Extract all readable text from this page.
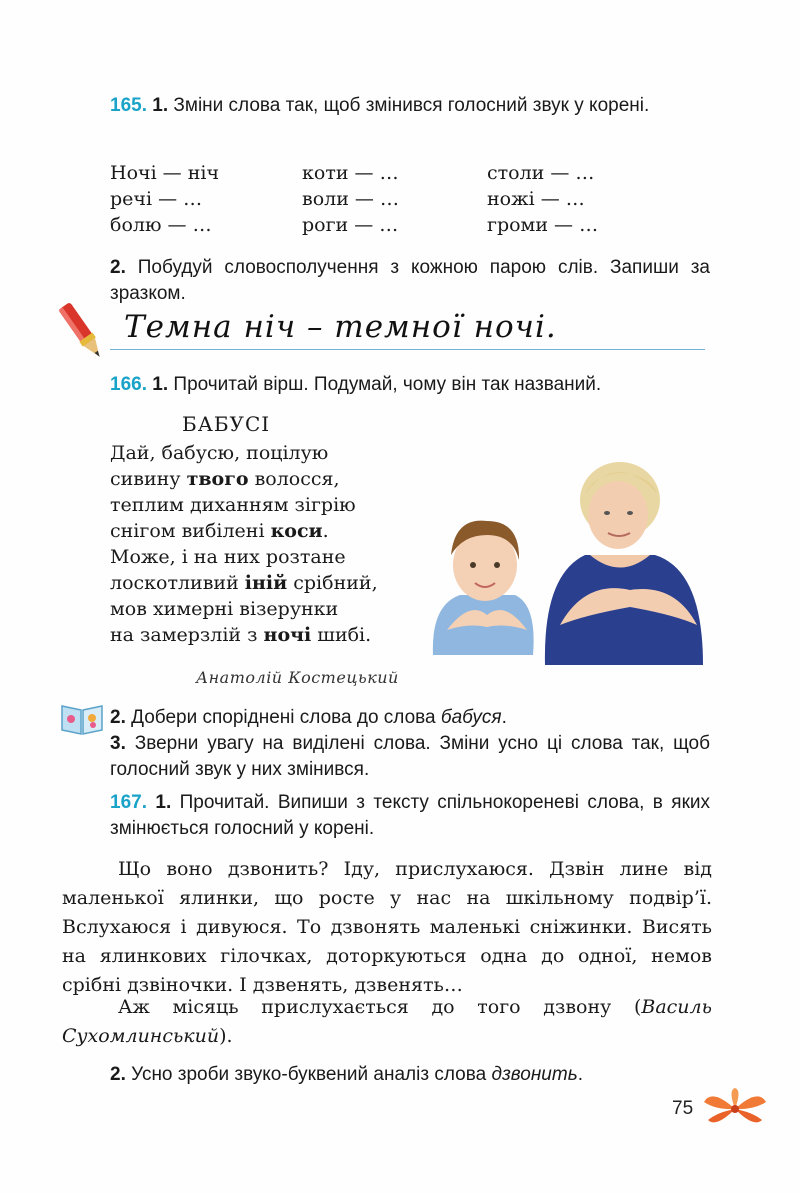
165. 1. Зміни слова так, щоб змінився голосний звук у корені.
Ночі — ніч	коти — …	столи — …
речі — …	воли — …	ножі — …
болю — …	роги — …	громи — …
2. Побудуй словосполучення з кожною парою слів. Запиши за зразком.
Темна ніч – темної ночі.
166. 1. Прочитай вірш. Подумай, чому він так названий.
БАБУСІ
Дай, бабусю, поцілую
сивину твого волосся,
теплим диханням зігрію
снігом вибілені коси.
Може, і на них розтане
лоскотливий іній срібний,
мов химерні візерунки
на замерзлій з ночі шибі.
Анатолій Костецький
2. Добери споріднені слова до слова бабуся.
3. Зверни увагу на виділені слова. Зміни усно ці слова так, щоб голосний звук у них змінився.
167. 1. Прочитай. Випиши з тексту спільнокореневі слова, в яких змінюється голосний у корені.
Що воно дзвонить? Іду, прислухаюся. Дзвін лине від маленької ялинки, що росте у нас на шкільному подвір’ї. Вслухаюся і дивуюся. То дзвонять маленькі сніжинки. Висять на ялинкових гілочках, доторкуються одна до одної, немов срібні дзвіночки. І дзвенять, дзвенять…
Аж місяць прислухається до того дзвону (Василь Сухомлинський).
2. Усно зроби звуко-буквений аналіз слова дзвонить.
75
